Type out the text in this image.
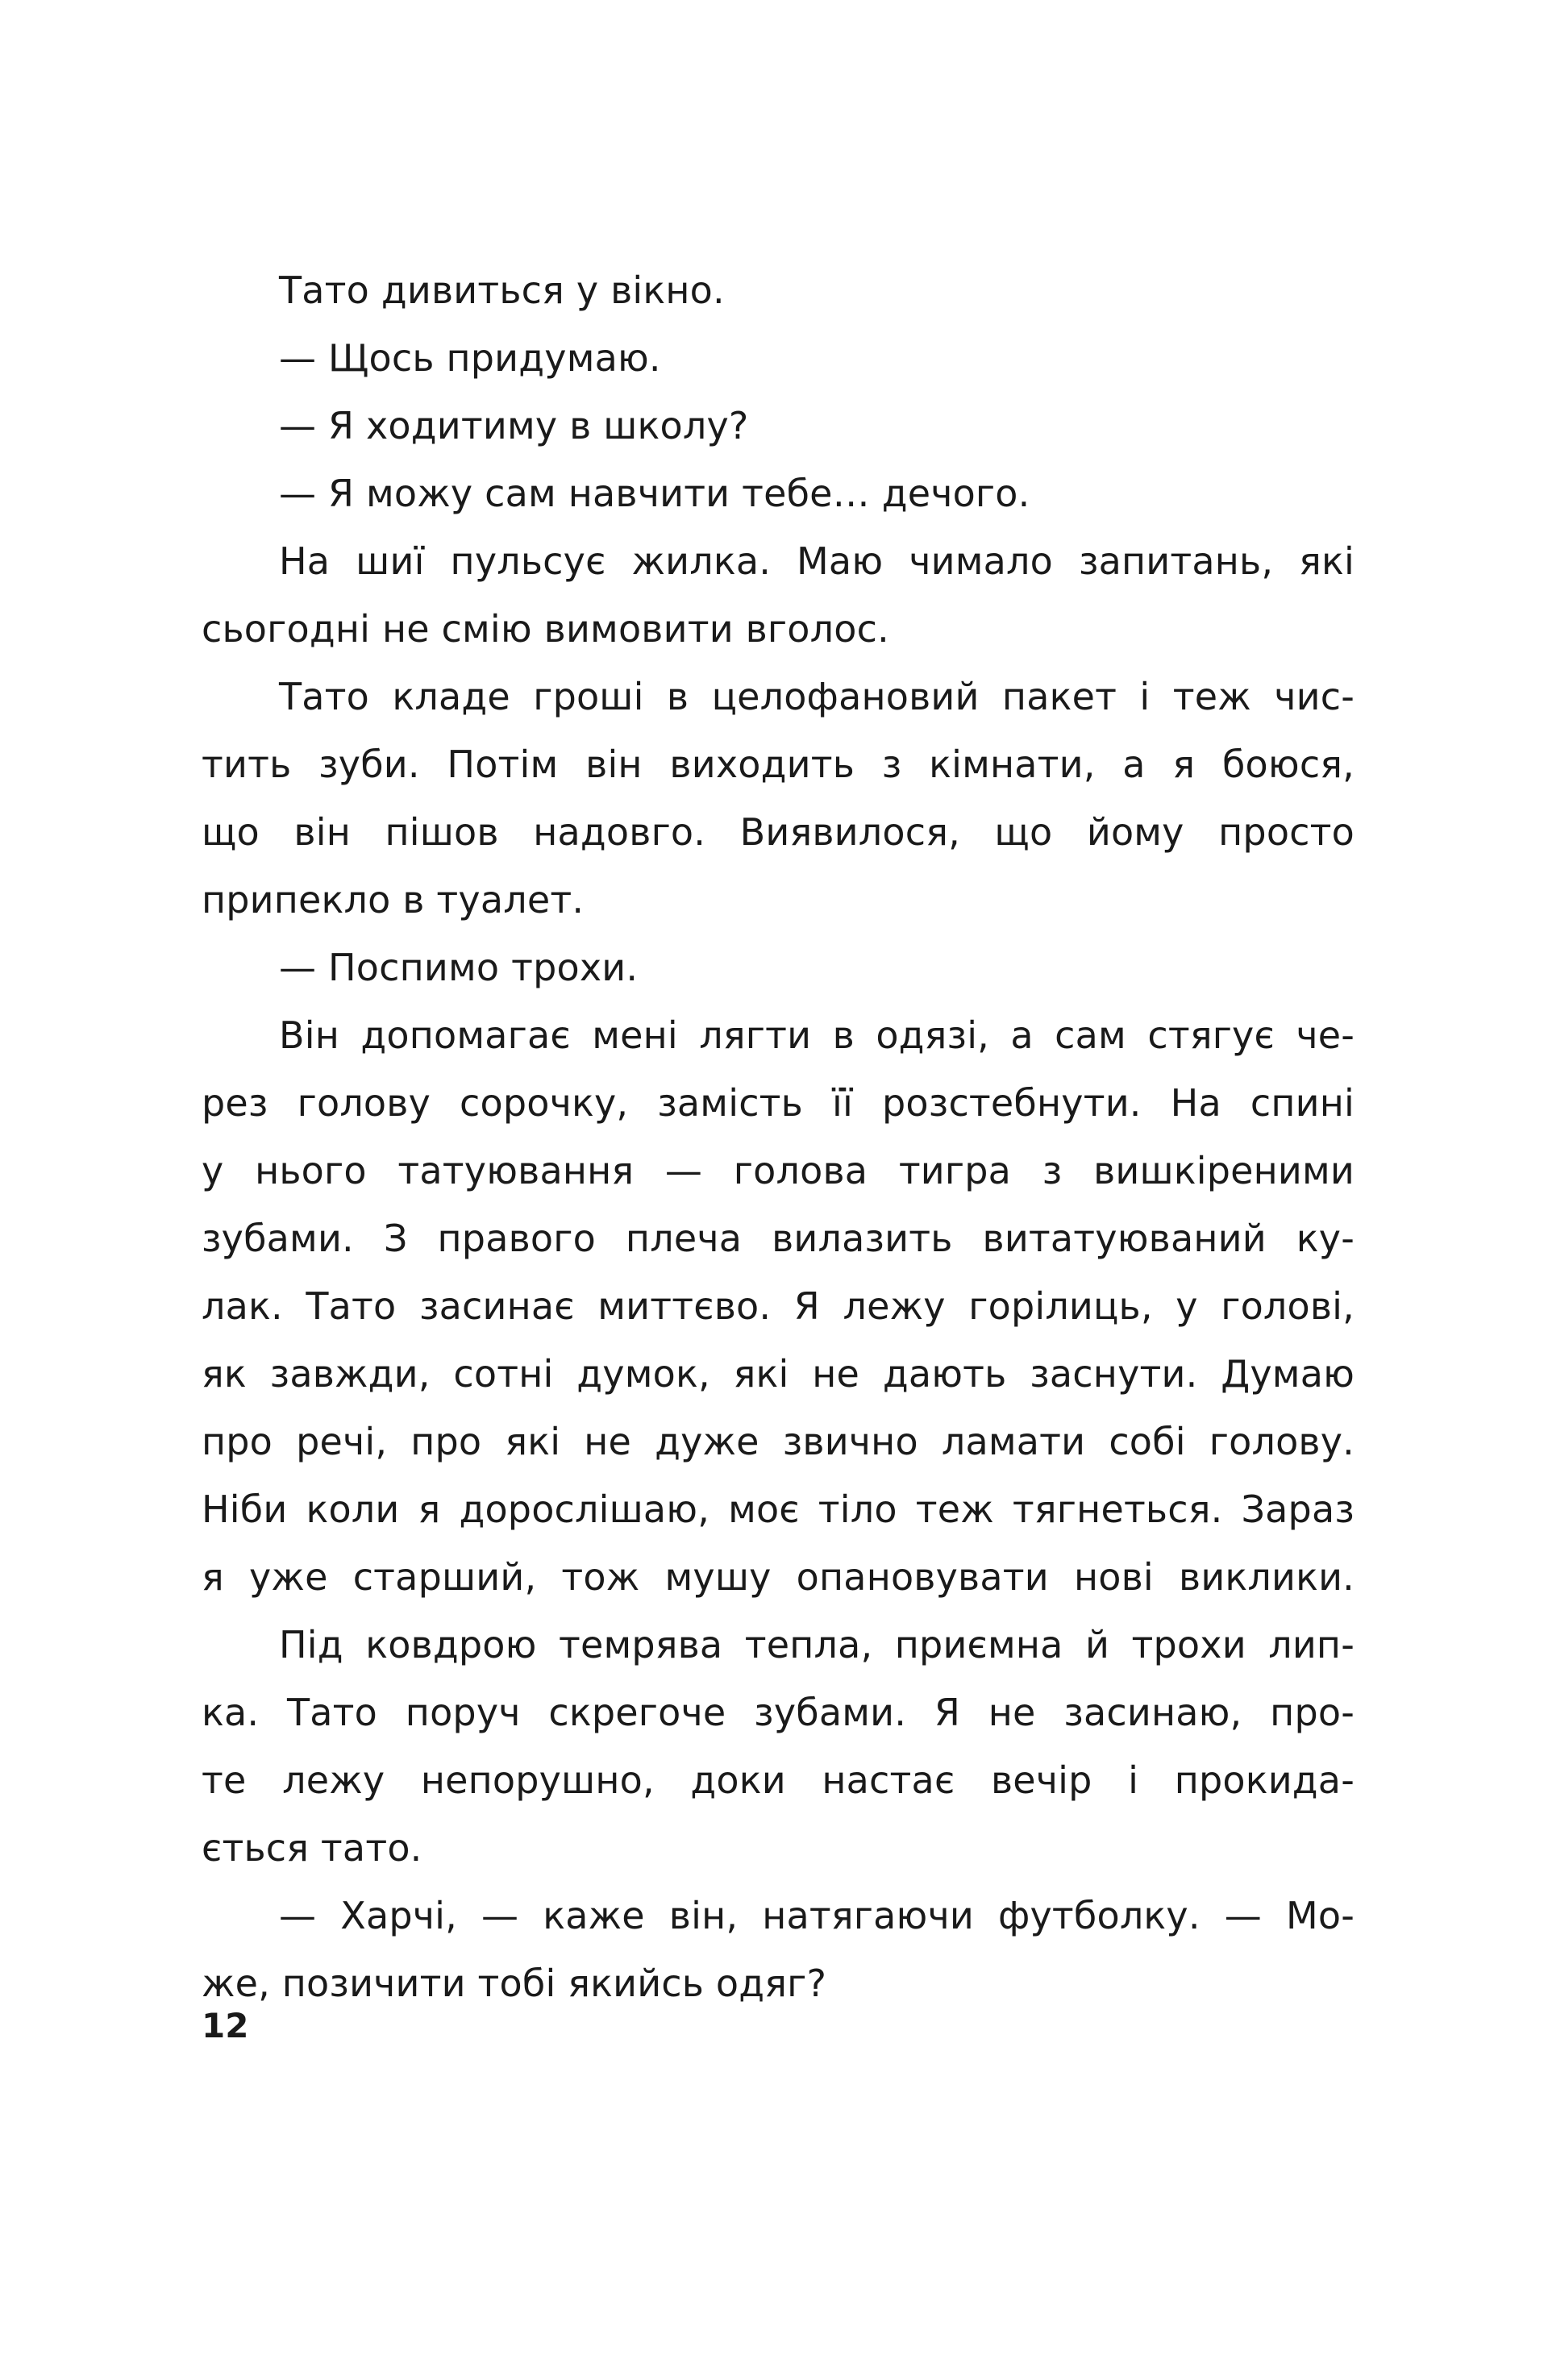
Тато дивиться у вікно.
— Щось придумаю.
— Я ходитиму в школу?
— Я можу сам навчити тебе… дечого.
На шиї пульсує жилка. Маю чимало запитань, які
сьогодні не смію вимовити вголос.
Тато кладе гроші в целофановий пакет і теж чис-
тить зуби. Потім він виходить з кімнати, а я боюся,
що він пішов надовго. Виявилося, що йому просто
припекло в туалет.
— Поспимо трохи.
Він допомагає мені лягти в одязі, а сам стягує че-
рез голову сорочку, замість її розстебнути. На спині
у нього татуювання — голова тигра з вишкіреними
зубами. З правого плеча вилазить витатуюваний ку-
лак. Тато засинає миттєво. Я лежу горілиць, у голові,
як завжди, сотні думок, які не дають заснути. Думаю
про речі, про які не дуже звично ламати собі голову.
Ніби коли я дорослішаю, моє тіло теж тягнеться. Зараз
я уже старший, тож мушу опановувати нові виклики.
Під ковдрою темрява тепла, приємна й трохи лип-
ка. Тато поруч скрегоче зубами. Я не засинаю, про-
те лежу непорушно, доки настає вечір і прокида-
ється тато.
— Харчі, — каже він, натягаючи футболку. — Мо-
же, позичити тобі якийсь одяг?
12
